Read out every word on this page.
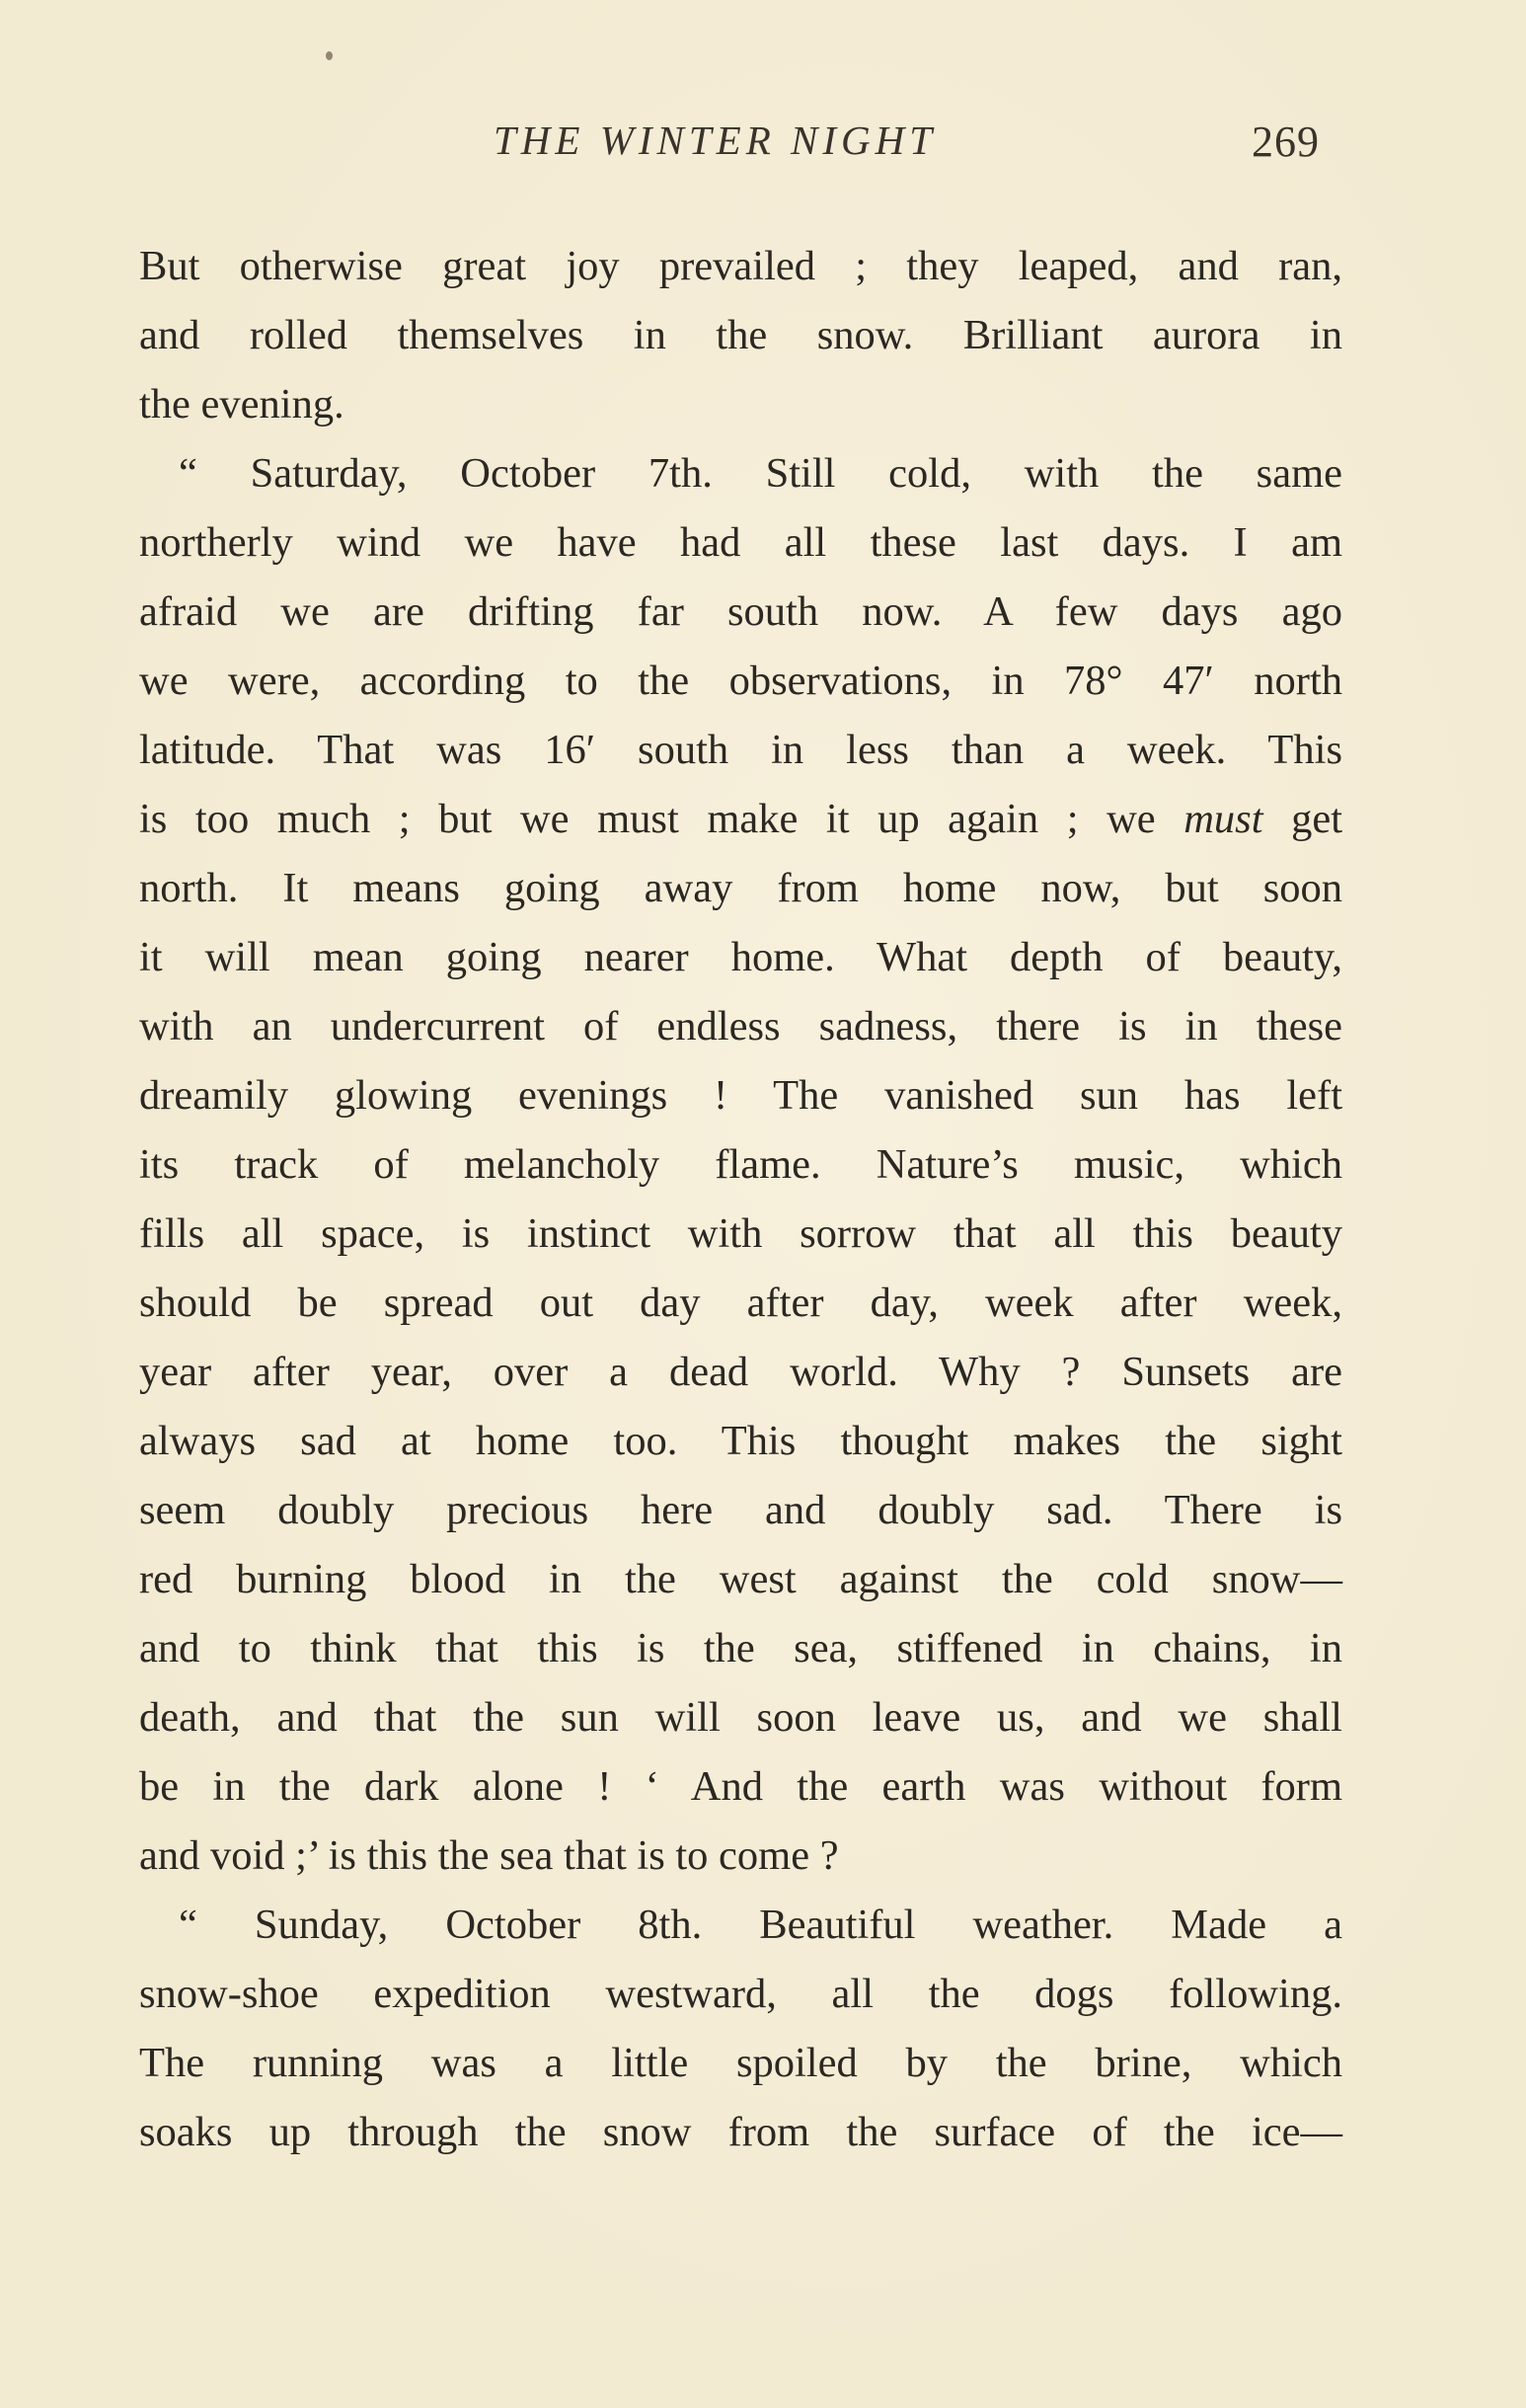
THE WINTER NIGHT	269
But otherwise great joy prevailed ; they leaped, and ran,
and rolled themselves in the snow. Brilliant aurora in
the evening.
“ Saturday, October 7th. Still cold, with the same
northerly wind we have had all these last days. I am
afraid we are drifting far south now. A few days ago
we were, according to the observations, in 78° 47′ north
latitude. That was 16′ south in less than a week. This
is too much ; but we must make it up again ; we must get
north. It means going away from home now, but soon
it will mean going nearer home. What depth of beauty,
with an undercurrent of endless sadness, there is in these
dreamily glowing evenings ! The vanished sun has left
its track of melancholy flame. Nature’s music, which
fills all space, is instinct with sorrow that all this beauty
should be spread out day after day, week after week,
year after year, over a dead world. Why ? Sunsets are
always sad at home too. This thought makes the sight
seem doubly precious here and doubly sad. There is
red burning blood in the west against the cold snow—
and to think that this is the sea, stiffened in chains, in
death, and that the sun will soon leave us, and we shall
be in the dark alone ! ‘ And the earth was without form
and void ;’ is this the sea that is to come ?
“ Sunday, October 8th. Beautiful weather. Made a
snow-shoe expedition westward, all the dogs following.
The running was a little spoiled by the brine, which
soaks up through the snow from the surface of the ice—
